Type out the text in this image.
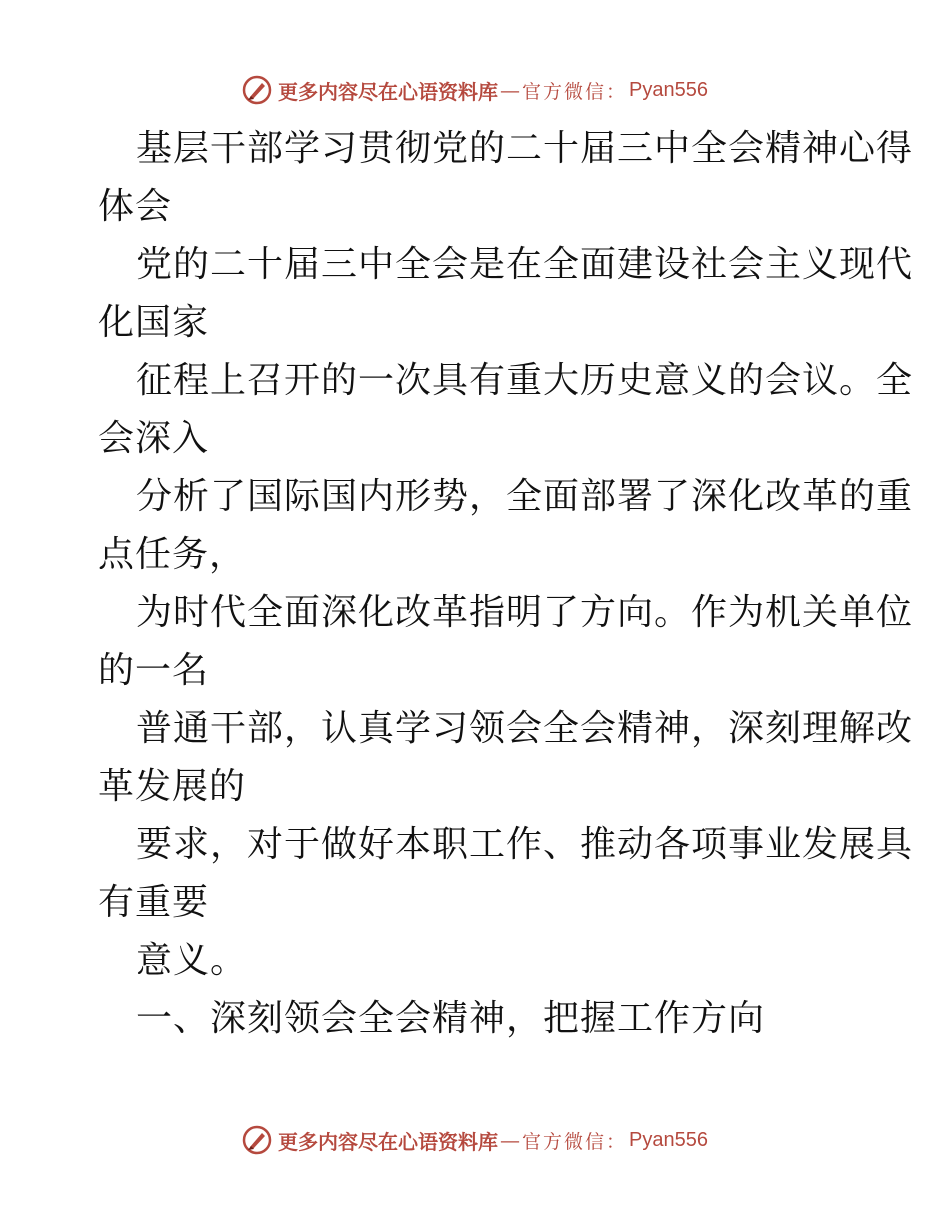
更多内容尽在心语资料库 — 官方微信： Pyan556
基层干部学习贯彻党的二十届三中全会精神心得
体会
党的二十届三中全会是在全面建设社会主义现代
化国家
征程上召开的一次具有重大历史意义的会议。全
会深入
分析了国际国内形势，全面部署了深化改革的重
点任务，
为时代全面深化改革指明了方向。作为机关单位
的一名
普通干部，认真学习领会全会精神，深刻理解改
革发展的
要求，对于做好本职工作、推动各项事业发展具
有重要
意义。
一、深刻领会全会精神，把握工作方向
更多内容尽在心语资料库 — 官方微信： Pyan556
